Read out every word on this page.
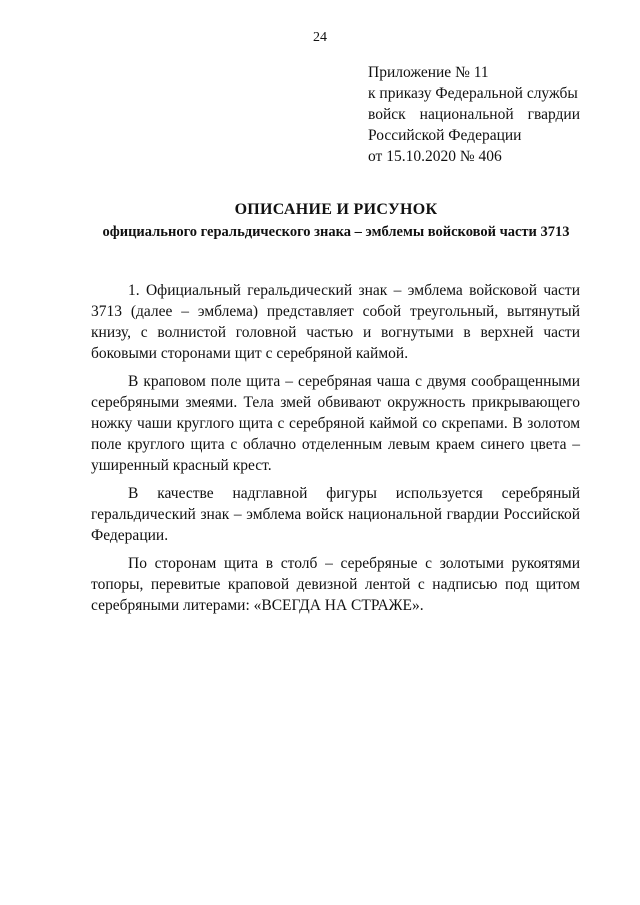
24
Приложение № 11
к приказу Федеральной службы
войск национальной гвардии
Российской Федерации
от 15.10.2020 № 406
ОПИСАНИЕ И РИСУНОК
официального геральдического знака – эмблемы войсковой части 3713

1. Официальный геральдический знак – эмблема войсковой части 3713 (далее – эмблема) представляет собой треугольный, вытянутый книзу, с волнистой головной частью и вогнутыми в верхней части боковыми сторонами щит с серебряной каймой.

В краповом поле щита – серебряная чаша с двумя сообращенными серебряными змеями. Тела змей обвивают окружность прикрывающего ножку чаши круглого щита с серебряной каймой со скрепами. В золотом поле круглого щита с облачно отделенным левым краем синего цвета – уширенный красный крест.

В качестве надглавной фигуры используется серебряный геральдический знак – эмблема войск национальной гвардии Российской Федерации.

По сторонам щита в столб – серебряные с золотыми рукоятями топоры, перевитые краповой девизной лентой с надписью под щитом серебряными литерами: «ВСЕГДА НА СТРАЖЕ».
